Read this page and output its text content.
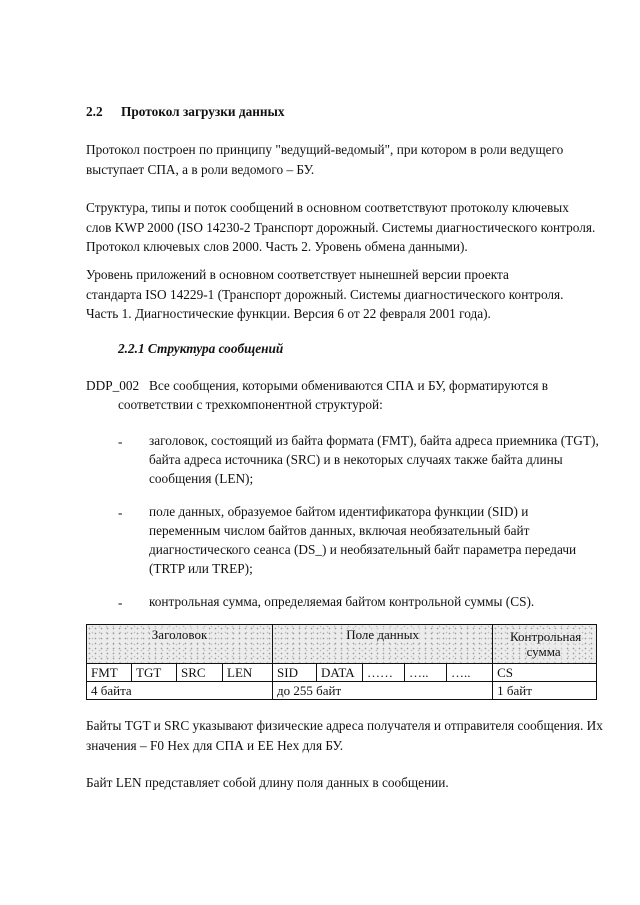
2.2 Протокол загрузки данных
Протокол построен по принципу "ведущий-ведомый", при котором в роли ведущего
выступает СПА, а в роли ведомого – БУ.
Структура, типы и поток сообщений в основном соответствуют протоколу ключевых
слов KWP 2000 (ISO 14230-2 Транспорт дорожный. Системы диагностического контроля.
Протокол ключевых слов 2000. Часть 2. Уровень обмена данными).
Уровень приложений в основном соответствует нынешней версии проекта
стандарта ISO 14229-1 (Транспорт дорожный. Системы диагностического контроля.
Часть 1. Диагностические функции. Версия 6 от 22 февраля 2001 года).
2.2.1 Структура сообщений
DDP_002 Все сообщения, которыми обмениваются СПА и БУ, форматируются в
соответствии с трехкомпонентной структурой:
- заголовок, состоящий из байта формата (FMT), байта адреса приемника (TGT),
байта адреса источника (SRC) и в некоторых случаях также байта длины
сообщения (LEN);
- поле данных, образуемое байтом идентификатора функции (SID) и
переменным числом байтов данных, включая необязательный байт
диагностического сеанса (DS_) и необязательный байт параметра передачи
(TRTP или TREP);
- контрольная сумма, определяемая байтом контрольной суммы (CS).
Заголовок				Поле данных					Контрольная сумма
FMT	TGT	SRC	LEN	SID	DATA	……	…..	…..	CS
4 байта				до 255 байт					1 байт
Байты TGT и SRC указывают физические адреса получателя и отправителя сообщения. Их
значения – F0 Hex для СПА и EE Hex для БУ.
Байт LEN представляет собой длину поля данных в сообщении.
